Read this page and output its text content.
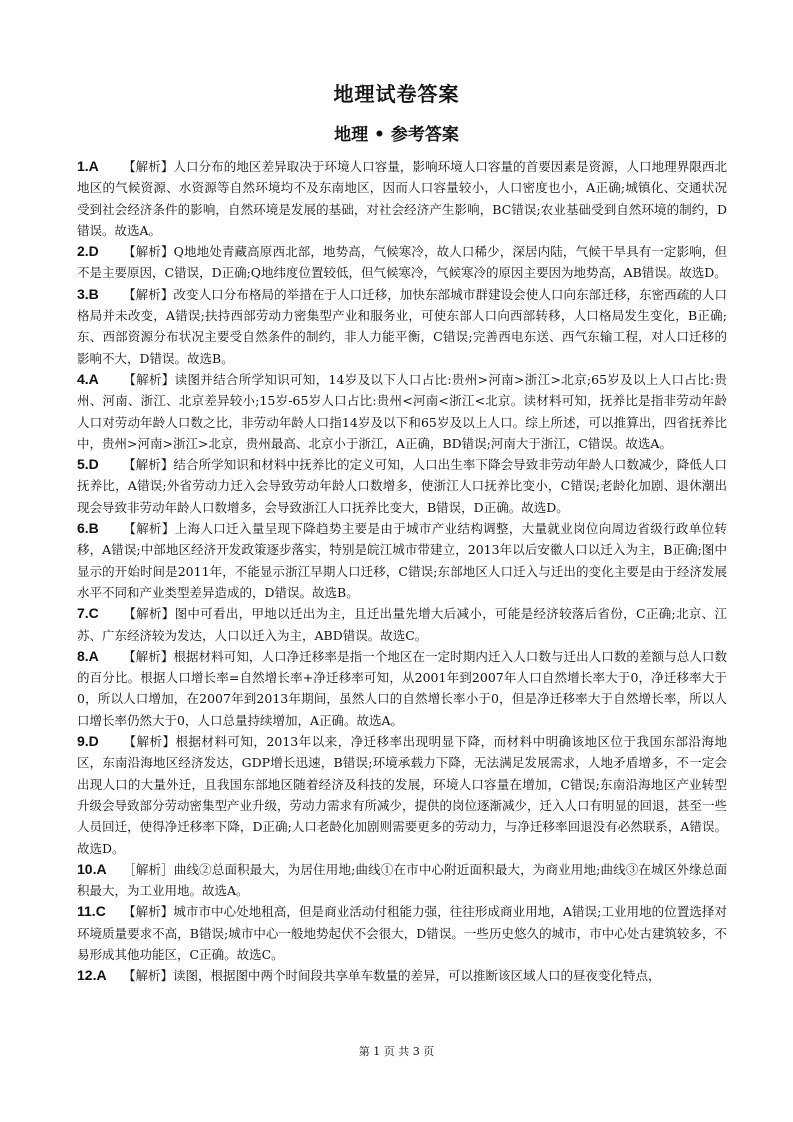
地理试卷答案
地理 • 参考答案

1.A 【解析】人口分布的地区差异取决于环境人口容量，影响环境人口容量的首要因素是资源，人口地理界限西北地区的气候资源、水资源等自然环境均不及东南地区，因而人口容量较小，人口密度也小，A正确;城镇化、交通状况受到社会经济条件的影响，自然环境是发展的基础，对社会经济产生影响，BC错误;农业基础受到自然环境的制约，D错误。故选A。

2.D 【解析】Q地地处青藏高原西北部，地势高，气候寒冷，故人口稀少，深居内陆，气候干旱具有一定影响，但不是主要原因，C错误，D正确;Q地纬度位置较低，但气候寒冷，气候寒冷的原因主要因为地势高，AB错误。故选D。

3.B 【解析】改变人口分布格局的举措在于人口迁移，加快东部城市群建设会使人口向东部迁移，东密西疏的人口格局并未改变，A错误;扶持西部劳动力密集型产业和服务业，可使东部人口向西部转移，人口格局发生变化，B正确;东、西部资源分布状况主要受自然条件的制约，非人力能平衡，C错误;完善西电东送、西气东输工程，对人口迁移的影响不大，D错误。故选B。

4.A 【解析】读图并结合所学知识可知，14岁及以下人口占比:贵州>河南>浙江>北京;65岁及以上人口占比:贵州、河南、浙江、北京差异较小;15岁-65岁人口占比:贵州<河南<浙江<北京。读材料可知，抚养比是指非劳动年龄人口对劳动年龄人口数之比，非劳动年龄人口指14岁及以下和65岁及以上人口。综上所述，可以推算出，四省抚养比中，贵州>河南>浙江>北京，贵州最高、北京小于浙江，A正确，BD错误;河南大于浙江，C错误。故选A。

5.D 【解析】结合所学知识和材料中抚养比的定义可知，人口出生率下降会导致非劳动年龄人口数减少，降低人口抚养比，A错误;外省劳动力迁入会导致劳动年龄人口数增多，使浙江人口抚养比变小，C错误;老龄化加剧、退休潮出现会导致非劳动年龄人口数增多，会导致浙江人口抚养比变大，B错误，D正确。故选D。

6.B 【解析】上海人口迁入量呈现下降趋势主要是由于城市产业结构调整，大量就业岗位向周边省级行政单位转移，A错误;中部地区经济开发政策逐步落实，特别是皖江城市带建立，2013年以后安徽人口以迁入为主，B正确;图中显示的开始时间是2011年，不能显示浙江早期人口迁移，C错误;东部地区人口迁入与迁出的变化主要是由于经济发展水平不同和产业类型差异造成的，D错误。故选B。

7.C 【解析】图中可看出，甲地以迁出为主，且迁出量先增大后减小，可能是经济较落后省份，C正确;北京、江苏、广东经济较为发达，人口以迁入为主，ABD错误。故选C。

8.A 【解析】根据材料可知，人口净迁移率是指一个地区在一定时期内迁入人口数与迁出人口数的差额与总人口数的百分比。根据人口增长率=自然增长率+净迁移率可知，从2001年到2007年人口自然增长率大于0，净迁移率大于0，所以人口增加，在2007年到2013年期间，虽然人口的自然增长率小于0，但是净迁移率大于自然增长率，所以人口增长率仍然大于0，人口总量持续增加，A正确。故选A。

9.D 【解析】根据材料可知，2013年以来，净迁移率出现明显下降，而材料中明确该地区位于我国东部沿海地区，东南沿海地区经济发达，GDP增长迅速，B错误;环境承载力下降，无法满足发展需求，人地矛盾增多，不一定会出现人口的大量外迁，且我国东部地区随着经济及科技的发展，环境人口容量在增加，C错误;东南沿海地区产业转型升级会导致部分劳动密集型产业升级，劳动力需求有所减少，提供的岗位逐渐减少，迁入人口有明显的回退，甚至一些人员回迁，使得净迁移率下降，D正确;人口老龄化加剧则需要更多的劳动力，与净迁移率回退没有必然联系，A错误。故选D。

10.A ［解析］曲线②总面积最大，为居住用地;曲线①在市中心附近面积最大，为商业用地;曲线③在城区外缘总面积最大，为工业用地。故选A。

11.C 【解析】城市市中心处地租高，但是商业活动付租能力强，往往形成商业用地，A错误;工业用地的位置选择对环境质量要求不高，B错误;城市中心一般地势起伏不会很大，D错误。一些历史悠久的城市，市中心处古建筑较多，不易形成其他功能区，C正确。故选C。

12.A 【解析】读图，根据图中两个时间段共享单车数量的差异，可以推断该区域人口的昼夜变化特点，

第 1 页 共 3 页
